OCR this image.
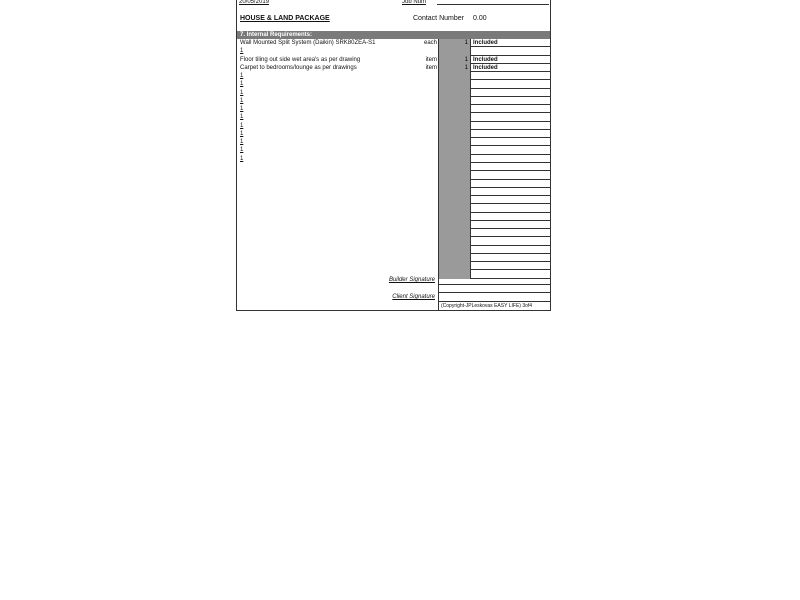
20/05/2019	Job Num
HOUSE & LAND PACKAGE	Contact Number 0.00
7. Internal Requirements:
Wall Mounted Split System (Daikin) SRK80ZEA-S1	each	1 Included
1
Floor tiling out side wet area's as per drawing	item	1 Included
Carpet to bedrooms/lounge as per drawings	item	1 Included
1
1
1
1
1
1
1
1
1
1
1
Builder Signature
Client Signature
(Copyright-JPLeskovas EASY LIFE) 3of4
